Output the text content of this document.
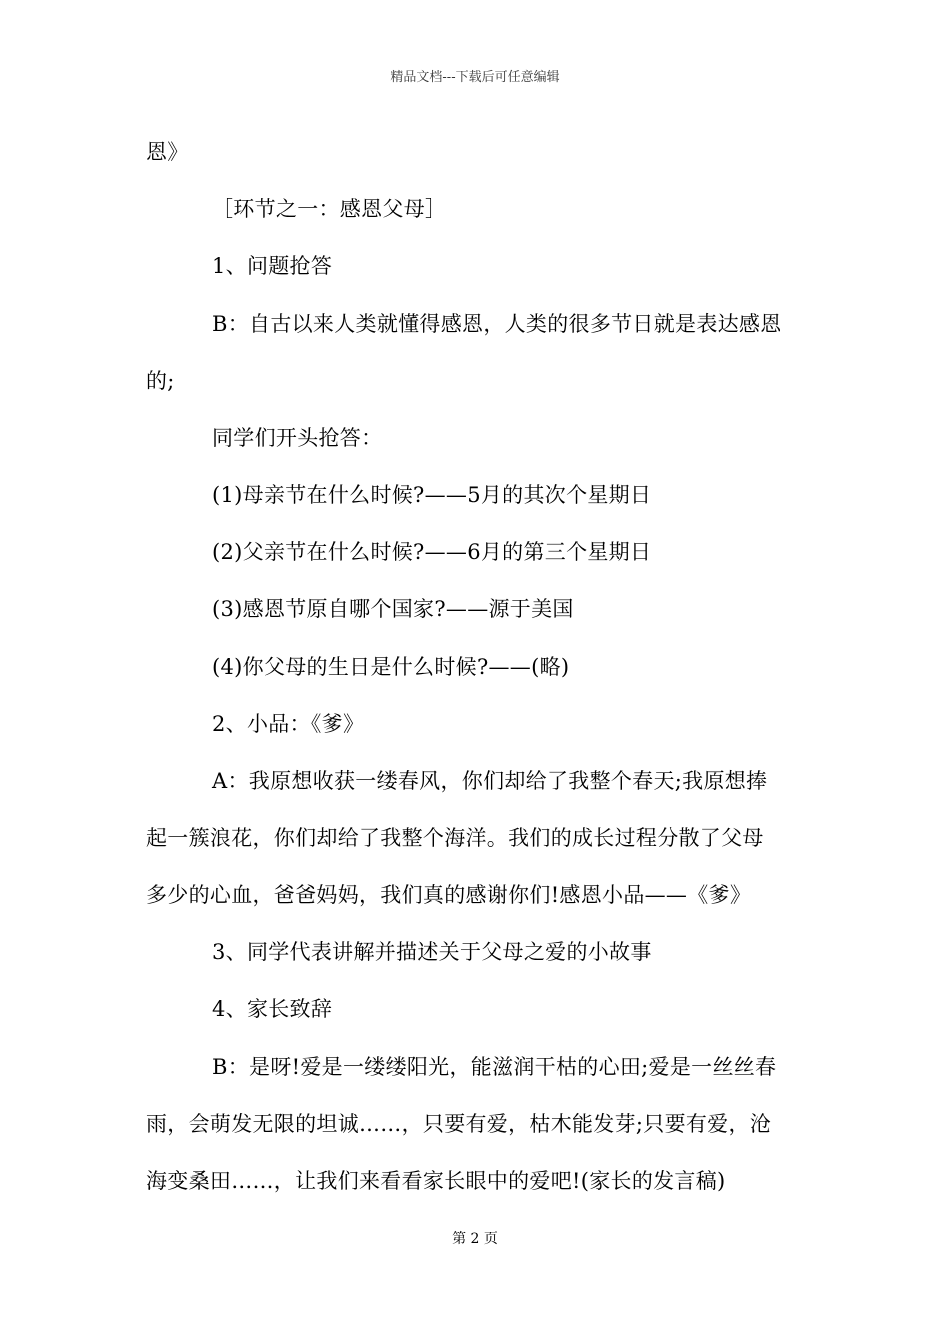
精品文档---下载后可任意编辑
恩》
［环节之一：感恩父母］
1、问题抢答
B：自古以来人类就懂得感恩，人类的很多节日就是表达感恩
的;
同学们开头抢答：
(1)母亲节在什么时候?——5月的其次个星期日
(2)父亲节在什么时候?——6月的第三个星期日
(3)感恩节原自哪个国家?——源于美国
(4)你父母的生日是什么时候?——(略)
2、小品：《爹》
A：我原想收获一缕春风，你们却给了我整个春天;我原想捧
起一簇浪花，你们却给了我整个海洋。我们的成长过程分散了父母
多少的心血，爸爸妈妈，我们真的感谢你们!感恩小品——《爹》
3、同学代表讲解并描述关于父母之爱的小故事
4、家长致辞
B：是呀!爱是一缕缕阳光，能滋润干枯的心田;爱是一丝丝春
雨，会萌发无限的坦诚……，只要有爱，枯木能发芽;只要有爱，沧
海变桑田……，让我们来看看家长眼中的爱吧!(家长的发言稿)
第 2 页
